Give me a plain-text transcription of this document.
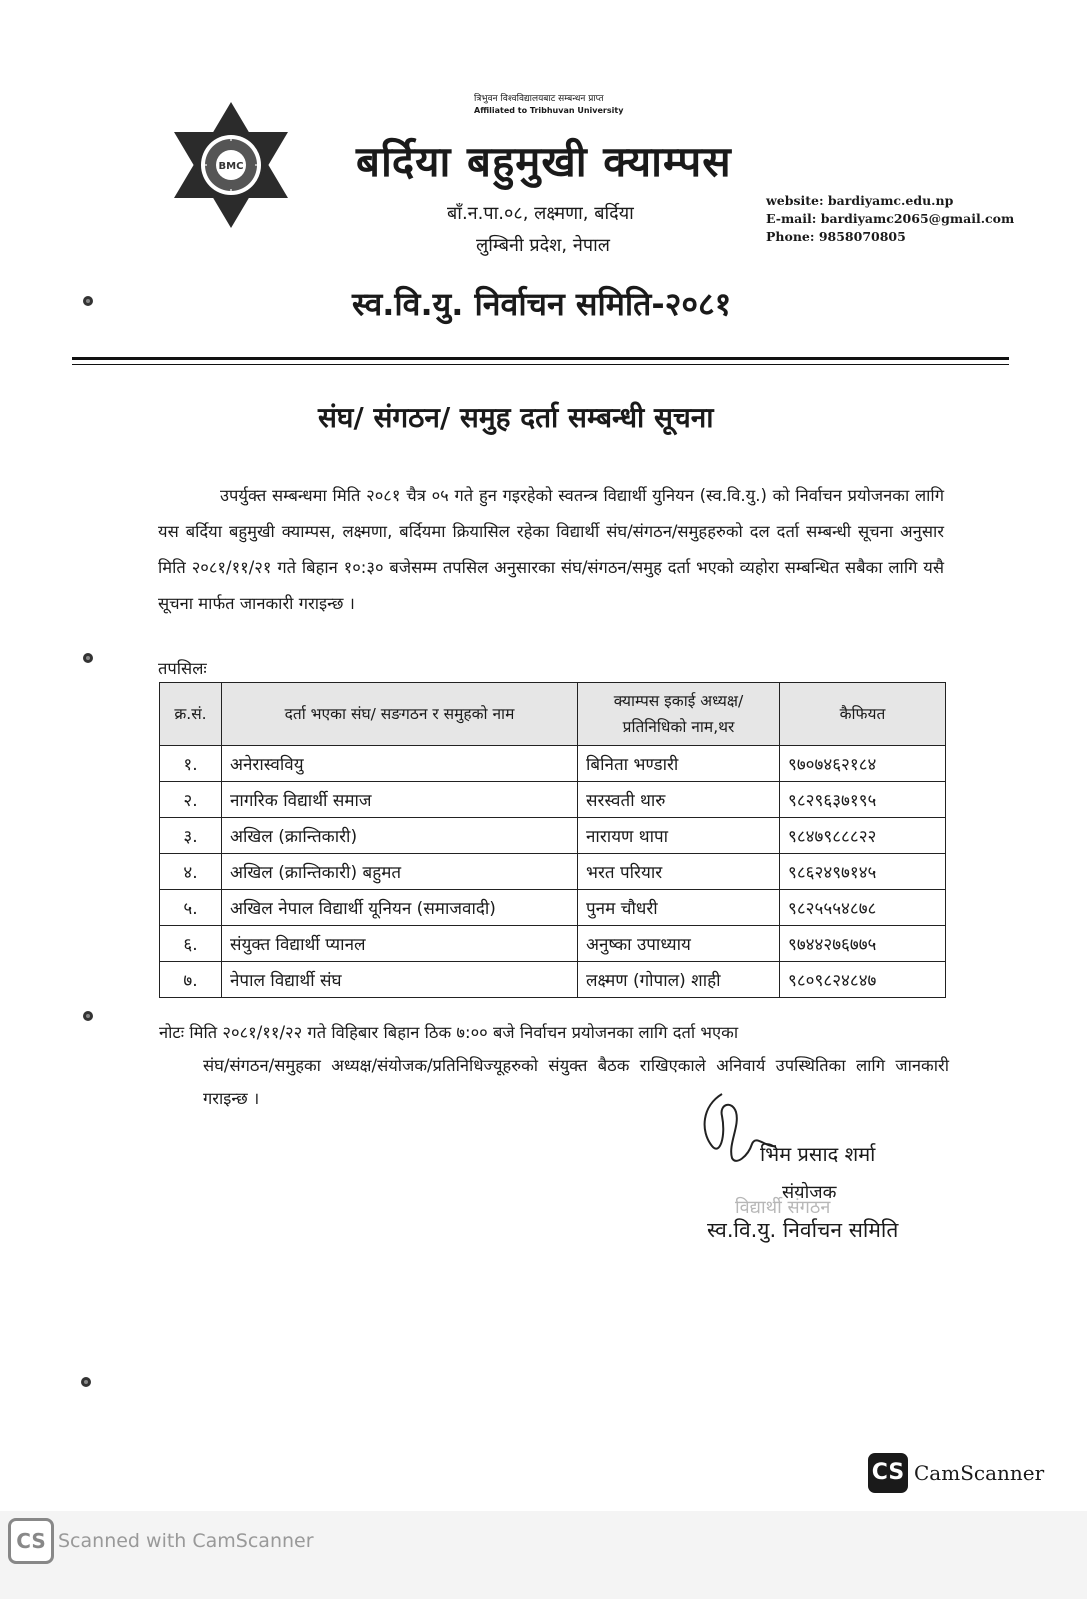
BMC
त्रिभुवन विश्वविद्यालयबाट सम्बन्धन प्राप्त
Affiliated to Tribhuvan University
बर्दिया बहुमुखी क्याम्पस
बाँ.न.पा.०८, लक्ष्मणा, बर्दिया
लुम्बिनी प्रदेश, नेपाल
website: bardiyamc.edu.np
E-mail: bardiyamc2065@gmail.com
Phone: 9858070805
स्व.वि.यु. निर्वाचन समिति-२०८१
संघ/ संगठन/ समुह दर्ता सम्बन्धी सूचना
उपर्युक्त सम्बन्धमा मिति २०८१ चैत्र ०५ गते हुन गइरहेको स्वतन्त्र विद्यार्थी युनियन (स्व.वि.यु.) को निर्वाचन प्रयोजनका लागि यस बर्दिया बहुमुखी क्याम्पस, लक्ष्मणा, बर्दियमा क्रियासिल रहेका विद्यार्थी संघ/संगठन/समुहहरुको दल दर्ता सम्बन्धी सूचना अनुसार मिति २०८१/११/२१ गते बिहान १०:३० बजेसम्म तपसिल अनुसारका संघ/संगठन/समुह दर्ता भएको व्यहोरा सम्बन्धित सबैका लागि यसै सूचना मार्फत जानकारी गराइन्छ ।
तपसिलः
क्र.सं.	दर्ता भएका संघ/ सङगठन र समुहको नाम	क्याम्पस इकाई अध्यक्ष/ प्रतिनिधिको नाम,थर	कैफियत
१.	अनेरास्ववियु	बिनिता भण्डारी	९७०७४६२१८४
२.	नागरिक विद्यार्थी समाज	सरस्वती थारु	९८२९६३७१९५
३.	अखिल (क्रान्तिकारी)	नारायण थापा	९८४७९८८८२२
४.	अखिल (क्रान्तिकारी) बहुमत	भरत परियार	९८६२४९७१४५
५.	अखिल नेपाल विद्यार्थी यूनियन (समाजवादी)	पुनम चौधरी	९८२५५५४८७८
६.	संयुक्त विद्यार्थी प्यानल	अनुष्का उपाध्याय	९७४४२७६७७५
७.	नेपाल विद्यार्थी संघ	लक्ष्मण (गोपाल) शाही	९८०९८२४८४७
नोटः मिति २०८१/११/२२ गते विहिबार बिहान ठिक ७:०० बजे निर्वाचन प्रयोजनका लागि दर्ता भएका
संघ/संगठन/समुहका अध्यक्ष/संयोजक/प्रतिनिधिज्यूहरुको संयुक्त बैठक राखिएकाले अनिवार्य उपस्थितिका लागि जानकारी गराइन्छ ।
भिम प्रसाद शर्मा
विद्यार्थी संगठन
संयोजक
स्व.वि.यु. निर्वाचन समिति
CS CamScanner
CS Scanned with CamScanner
